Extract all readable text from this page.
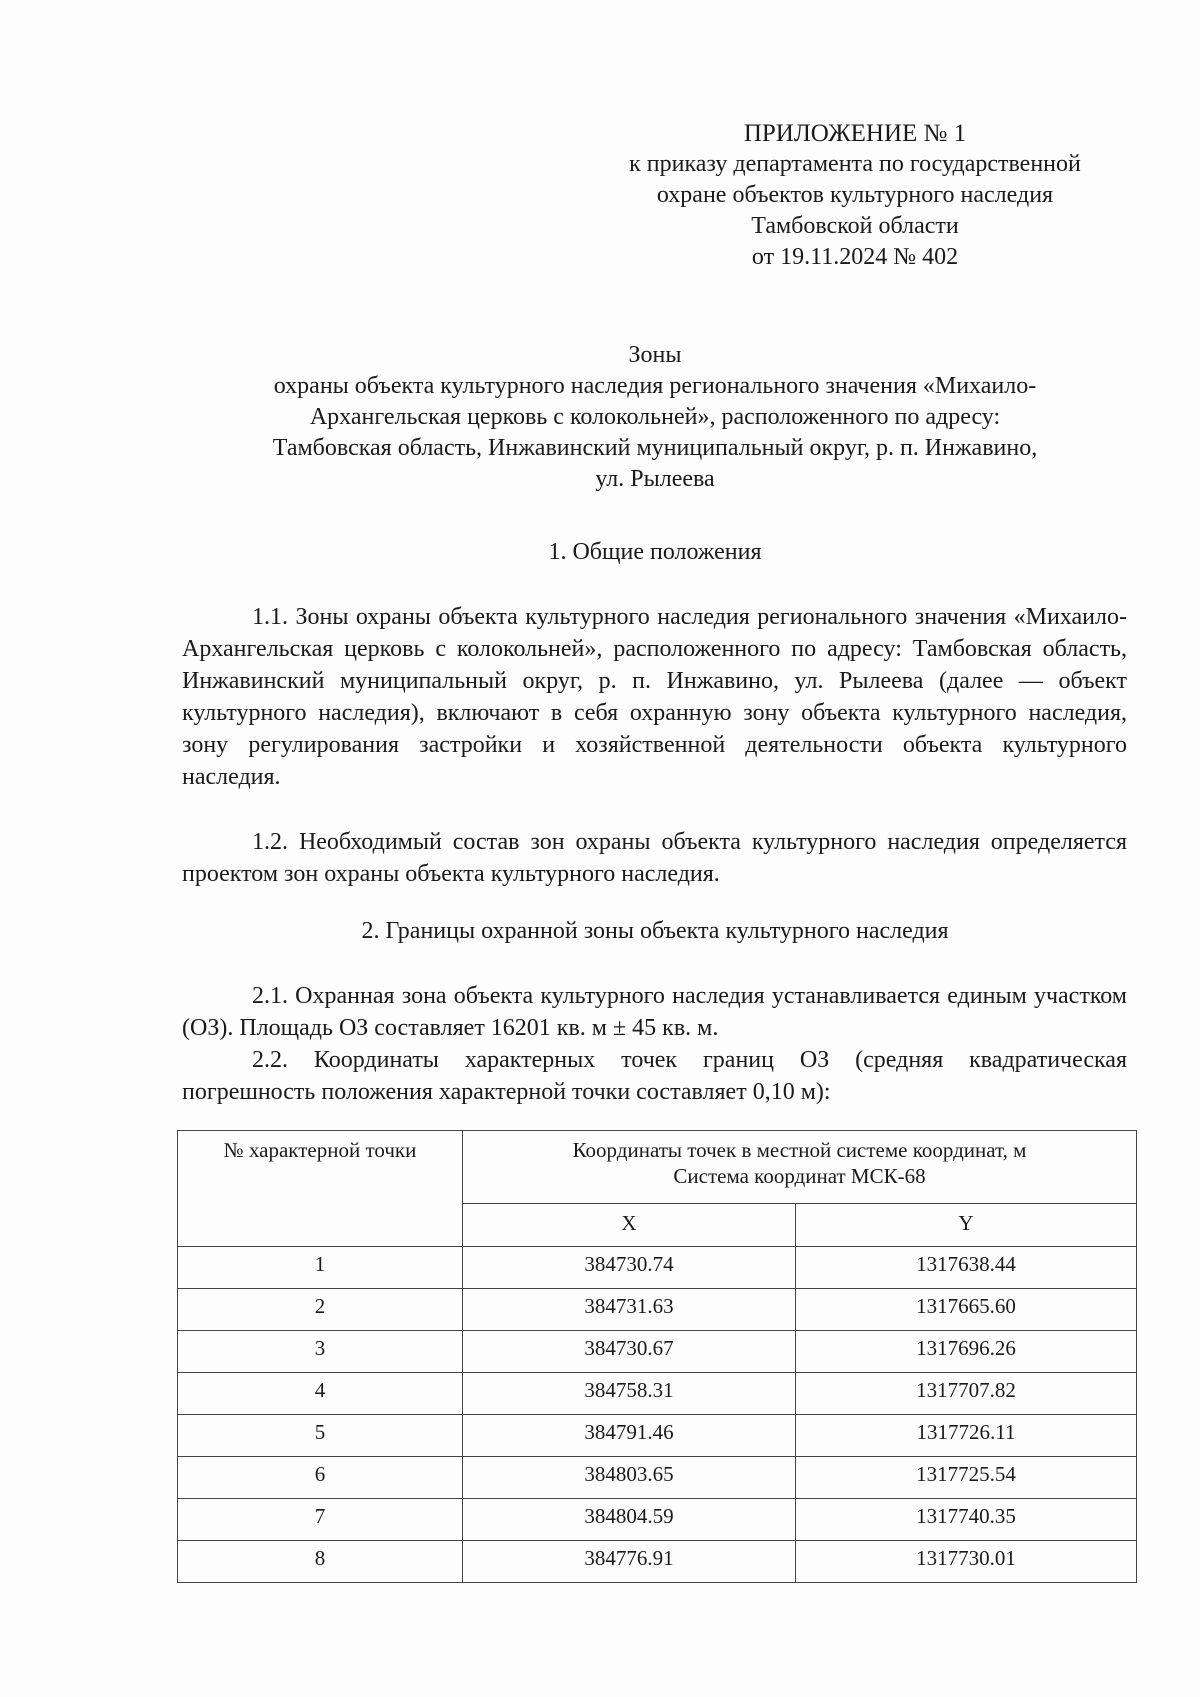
ПРИЛОЖЕНИЕ № 1
к приказу департамента по государственной
охране объектов культурного наследия
Тамбовской области
от 19.11.2024 № 402
Зоны
охраны объекта культурного наследия регионального значения «Михаило-
Архангельская церковь с колокольней», расположенного по адресу:
Тамбовская область, Инжавинский муниципальный округ, р. п. Инжавино,
ул. Рылеева
1. Общие положения

1.1. Зоны охраны объекта культурного наследия регионального значения «Михаило-Архангельская церковь с колокольней», расположенного по адресу: Тамбовская область, Инжавинский муниципальный округ, р. п. Инжавино, ул. Рылеева (далее — объект культурного наследия), включают в себя охранную зону объекта культурного наследия, зону регулирования застройки и хозяйственной деятельности объекта культурного наследия.

1.2. Необходимый состав зон охраны объекта культурного наследия определяется проектом зон охраны объекта культурного наследия.

2. Границы охранной зоны объекта культурного наследия

2.1. Охранная зона объекта культурного наследия устанавливается единым участком (ОЗ). Площадь ОЗ составляет 16201 кв. м ± 45 кв. м.

2.2. Координаты характерных точек границ ОЗ (средняя квадратическая погрешность положения характерной точки составляет 0,10 м):

№ характерной точки	Координаты точек в местной системе координат, м
Система координат МСК-68	

	X	Y
1	384730.74	1317638.44
2	384731.63	1317665.60
3	384730.67	1317696.26
4	384758.31	1317707.82
5	384791.46	1317726.11
6	384803.65	1317725.54
7	384804.59	1317740.35
8	384776.91	1317730.01
